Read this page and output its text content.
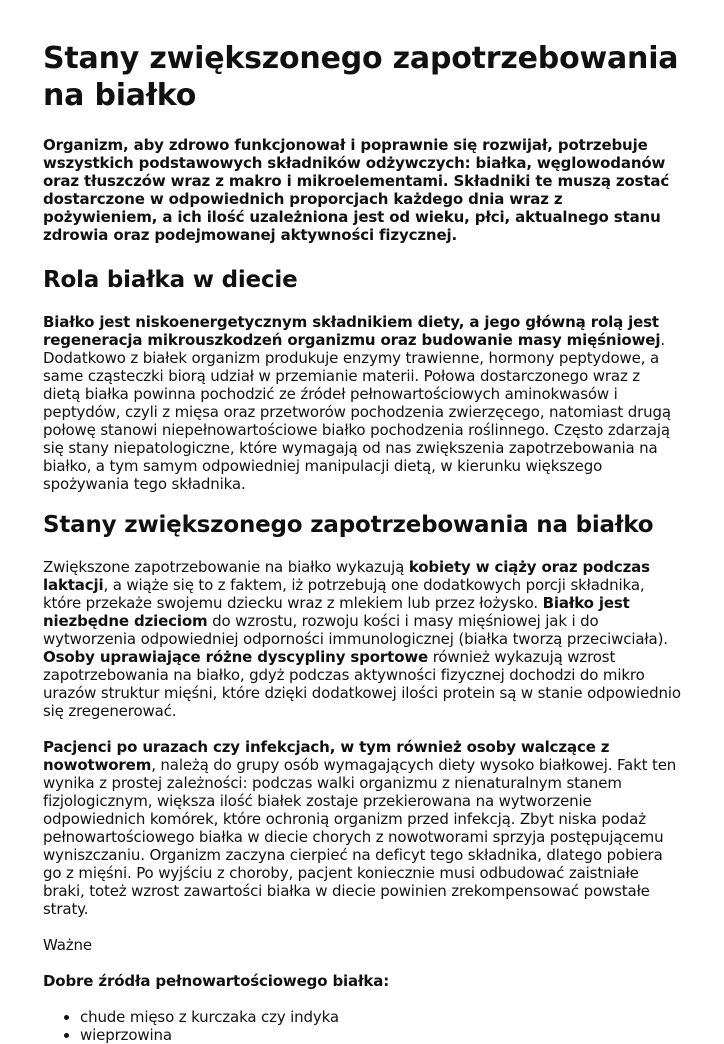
Stany zwiększonego zapotrzebowania na białko

Organizm, aby zdrowo funkcjonował i poprawnie się rozwijał, potrzebuje wszystkich podstawowych składników odżywczych: białka, węglowodanów oraz tłuszczów wraz z makro i mikroelementami. Składniki te muszą zostać dostarczone w odpowiednich proporcjach każdego dnia wraz z pożywieniem, a ich ilość uzależniona jest od wieku, płci, aktualnego stanu zdrowia oraz podejmowanej aktywności fizycznej.

Rola białka w diecie

Białko jest niskoenergetycznym składnikiem diety, a jego główną rolą jest regeneracja mikrouszkodzeń organizmu oraz budowanie masy mięśniowej. Dodatkowo z białek organizm produkuje enzymy trawienne, hormony peptydowe, a same cząsteczki biorą udział w przemianie materii. Połowa dostarczonego wraz z dietą białka powinna pochodzić ze źródeł pełnowartościowych aminokwasów i peptydów, czyli z mięsa oraz przetworów pochodzenia zwierzęcego, natomiast drugą połowę stanowi niepełnowartościowe białko pochodzenia roślinnego. Często zdarzają się stany niepatologiczne, które wymagają od nas zwiększenia zapotrzebowania na białko, a tym samym odpowiedniej manipulacji dietą, w kierunku większego spożywania tego składnika.

Stany zwiększonego zapotrzebowania na białko

Zwiększone zapotrzebowanie na białko wykazują kobiety w ciąży oraz podczas laktacji, a wiąże się to z faktem, iż potrzebują one dodatkowych porcji składnika, które przekaże swojemu dziecku wraz z mlekiem lub przez łożysko. Białko jest niezbędne dzieciom do wzrostu, rozwoju kości i masy mięśniowej jak i do wytworzenia odpowiedniej odporności immunologicznej (białka tworzą przeciwciała). Osoby uprawiające różne dyscypliny sportowe również wykazują wzrost zapotrzebowania na białko, gdyż podczas aktywności fizycznej dochodzi do mikro urazów struktur mięśni, które dzięki dodatkowej ilości protein są w stanie odpowiednio się zregenerować.

Pacjenci po urazach czy infekcjach, w tym również osoby walczące z nowotworem, należą do grupy osób wymagających diety wysoko białkowej. Fakt ten wynika z prostej zależności: podczas walki organizmu z nienaturalnym stanem fizjologicznym, większa ilość białek zostaje przekierowana na wytworzenie odpowiednich komórek, które ochronią organizm przed infekcją. Zbyt niska podaż pełnowartościowego białka w diecie chorych z nowotworami sprzyja postępującemu wyniszczaniu. Organizm zaczyna cierpieć na deficyt tego składnika, dlatego pobiera go z mięśni. Po wyjściu z choroby, pacjent koniecznie musi odbudować zaistniałe braki, toteż wzrost zawartości białka w diecie powinien zrekompensować powstałe straty.

Ważne

Dobre źródła pełnowartościowego białka:

• chude mięso z kurczaka czy indyka
• wieprzowina
